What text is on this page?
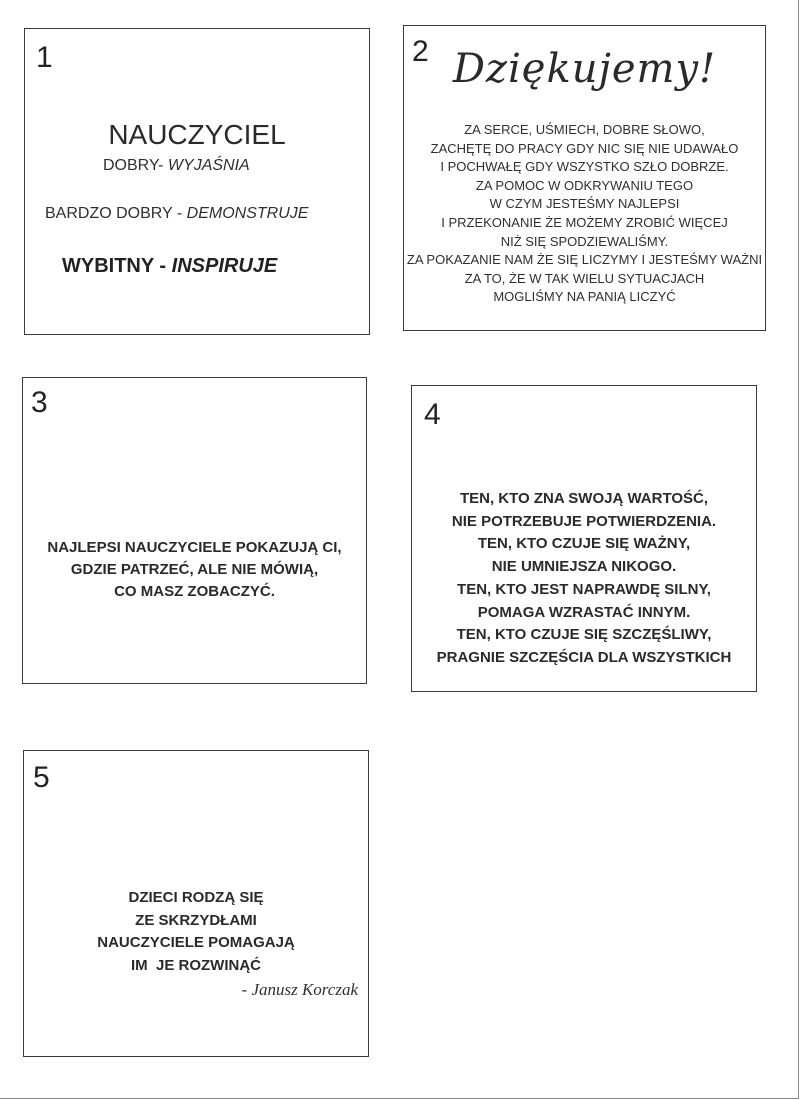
1
NAUCZYCIEL
DOBRY- WYJAŚNIA
BARDZO DOBRY - DEMONSTRUJE
WYBITNY - INSPIRUJE
2 Dziękujemy!
ZA SERCE, UŚMIECH, DOBRE SŁOWO,
ZACHĘTĘ DO PRACY GDY NIC SIĘ NIE UDAWAŁO
I POCHWAŁĘ GDY WSZYSTKO SZŁO DOBRZE.
ZA POMOC W ODKRYWANIU TEGO
W CZYM JESTEŚMY NAJLEPSI
I PRZEKONANIE ŻE MOŻEMY ZROBIĆ WIĘCEJ
NIŻ SIĘ SPODZIEWALIŚMY.
ZA POKAZANIE NAM ŻE SIĘ LICZYMY I JESTEŚMY WAŻNI
ZA TO, ŻE W TAK WIELU SYTUACJACH
MOGLIŚMY NA PANIĄ LICZYĆ
3
NAJLEPSI NAUCZYCIELE POKAZUJĄ CI,
GDZIE PATRZEĆ, ALE NIE MÓWIĄ,
CO MASZ ZOBACZYĆ.
4
TEN, KTO ZNA SWOJĄ WARTOŚĆ,
NIE POTRZEBUJE POTWIERDZENIA.
TEN, KTO CZUJE SIĘ WAŻNY,
NIE UMNIEJSZA NIKOGO.
TEN, KTO JEST NAPRAWDĘ SILNY,
POMAGA WZRASTAĆ INNYM.
TEN, KTO CZUJE SIĘ SZCZĘŚLIWY,
PRAGNIE SZCZĘŚCIA DLA WSZYSTKICH
5
DZIECI RODZĄ SIĘ
ZE SKRZYDŁAMI
NAUCZYCIELE POMAGAJĄ
IM  JE ROZWINĄĆ
- Janusz Korczak
